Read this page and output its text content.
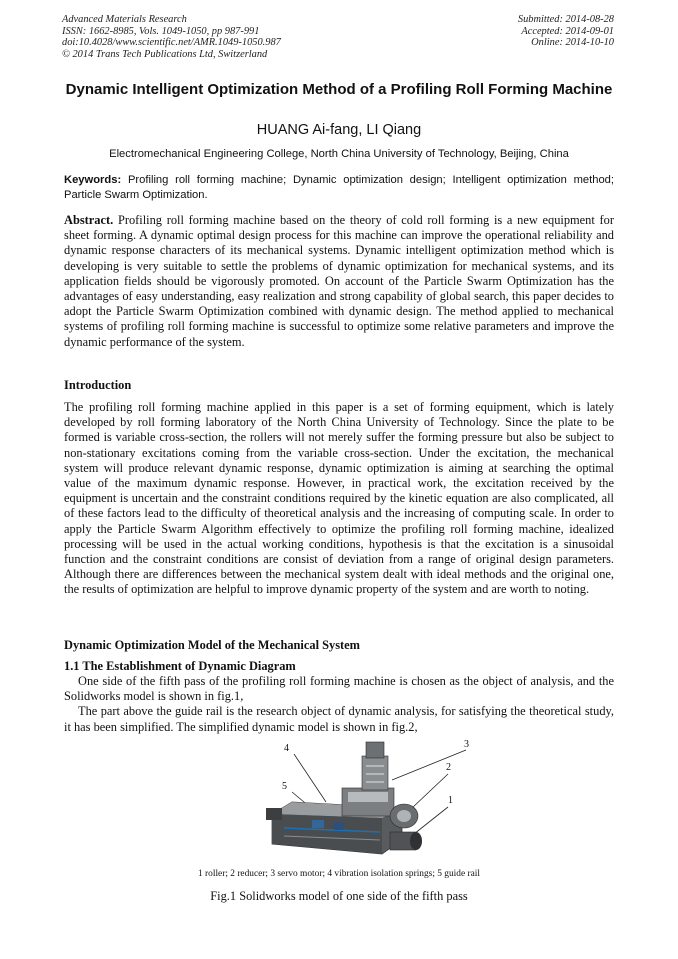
Advanced Materials Research
ISSN: 1662-8985, Vols. 1049-1050, pp 987-991
doi:10.4028/www.scientific.net/AMR.1049-1050.987
© 2014 Trans Tech Publications Ltd, Switzerland
Submitted: 2014-08-28
Accepted: 2014-09-01
Online: 2014-10-10
Dynamic Intelligent Optimization Method of a Profiling Roll Forming Machine
HUANG Ai-fang, LI Qiang
Electromechanical Engineering College, North China University of Technology, Beijing, China
Keywords: Profiling roll forming machine; Dynamic optimization design; Intelligent optimization method; Particle Swarm Optimization.
Abstract. Profiling roll forming machine based on the theory of cold roll forming is a new equipment for sheet forming. A dynamic optimal design process for this machine can improve the operational reliability and dynamic response characters of its mechanical systems. Dynamic intelligent optimization method which is developing is very suitable to settle the problems of dynamic optimization for mechanical systems, and its application fields should be vigorously promoted. On account of the Particle Swarm Optimization has the advantages of easy understanding, easy realization and strong capability of global search, this paper decides to adopt the Particle Swarm Optimization combined with dynamic design. The method applied to mechanical systems of profiling roll forming machine is successful to optimize some relative parameters and improve the dynamic performance of the system.
Introduction
The profiling roll forming machine applied in this paper is a set of forming equipment, which is lately developed by roll forming laboratory of the North China University of Technology. Since the plate to be formed is variable cross-section, the rollers will not merely suffer the forming pressure but also be subject to non-stationary excitations coming from the variable cross-section. Under the excitation, the mechanical system will produce relevant dynamic response, dynamic optimization is aiming at searching the optimal value of the maximum dynamic response. However, in practical work, the excitation received by the equipment is uncertain and the constraint conditions required by the kinetic equation are also complicated, all of these factors lead to the difficulty of theoretical analysis and the increasing of computing scale. In order to apply the Particle Swarm Algorithm effectively to optimize the profiling roll forming machine, idealized processing will be used in the actual working conditions, hypothesis is that the excitation is a sinusoidal function and the constraint conditions are consist of deviation from a range of original design parameters. Although there are differences between the mechanical system dealt with ideal methods and the original one, the results of optimization are helpful to improve dynamic property of the system and are worth to noting.
Dynamic Optimization Model of the Mechanical System
1.1 The Establishment of Dynamic Diagram

One side of the fifth pass of the profiling roll forming machine is chosen as the object of analysis, and the Solidworks model is shown in fig.1,

The part above the guide rail is the research object of dynamic analysis, for satisfying the theoretical study, it has been simplified. The simplified dynamic model is shown in fig.2,

4	3
2
5
1
1 roller; 2 reducer; 3 servo motor; 4 vibration isolation springs; 5 guide rail
Fig.1 Solidworks model of one side of the fifth pass
